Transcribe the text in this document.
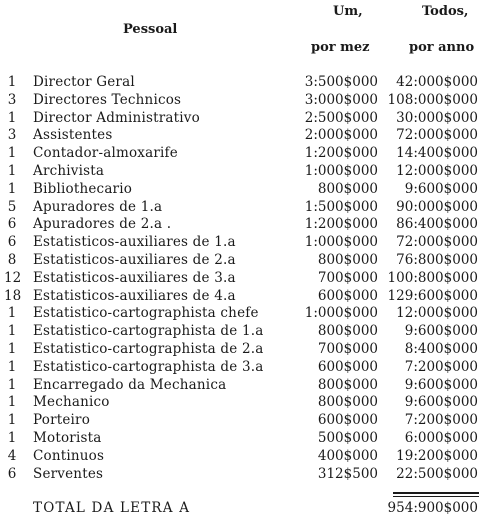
Pessoal
Um,	Todos,
por mez	por anno
1 Director Geral	3:500$000 42:000$000
3 Directores Technicos	3:000$000 108:000$000
1 Director Administrativo	2:500$000 30:000$000
3 Assistentes	2:000$000 72:000$000
1 Contador-almoxarife	1:200$000 14:400$000
1 Archivista	1:000$000 12:000$000
1 Bibliothecario	800$000 9:600$000
5 Apuradores de 1.a	1:500$000 90:000$000
6 Apuradores de 2.a .	1:200$000 86:400$000
6 Estatisticos-auxiliares de 1.a	1:000$000 72:000$000
8 Estatisticos-auxiliares de 2.a	800$000 76:800$000
12 Estatisticos-auxiliares de 3.a	700$000 100:800$000
18 Estatisticos-auxiliares de 4.a	600$000 129:600$000
1 Estatistico-cartographista chefe	1:000$000 12:000$000
1 Estatistico-cartographista de 1.a	800$000 9:600$000
1 Estatistico-cartographista de 2.a	700$000 8:400$000
1 Estatistico-cartographista de 3.a	600$000 7:200$000
1 Encarregado da Mechanica	800$000 9:600$000
1 Mechanico	800$000 9:600$000
1 Porteiro	600$000 7:200$000
1 Motorista	500$000 6:000$000
4 Continuos	400$000 19:200$000
6 Serventes	312$500 22:500$000
TOTAL DA LETRA A	954:900$000
